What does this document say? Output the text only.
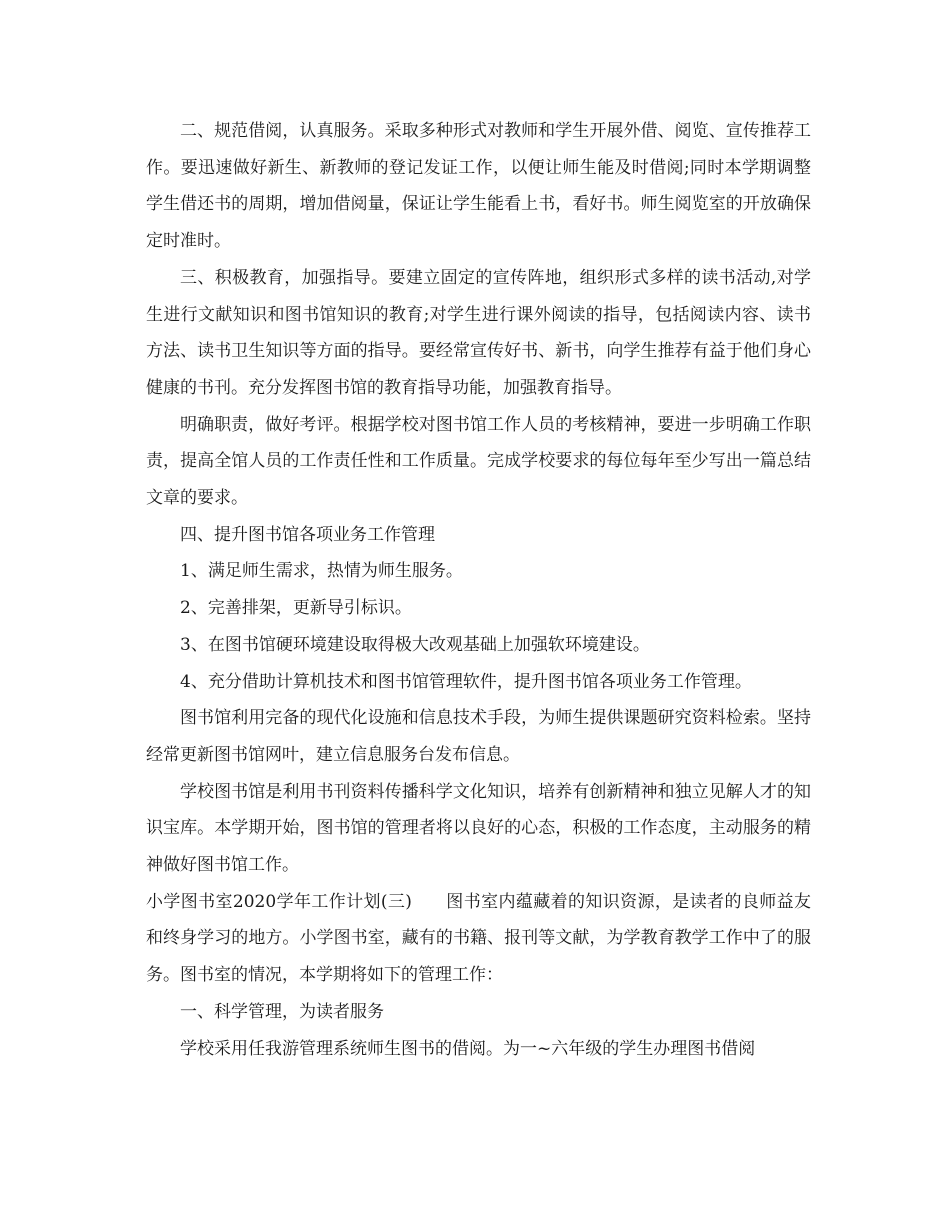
二、规范借阅，认真服务。采取多种形式对教师和学生开展外借、阅览、宣传推荐工作。要迅速做好新生、新教师的登记发证工作，以便让师生能及时借阅;同时本学期调整学生借还书的周期，增加借阅量，保证让学生能看上书，看好书。师生阅览室的开放确保定时准时。

三、积极教育，加强指导。要建立固定的宣传阵地，组织形式多样的读书活动,对学生进行文献知识和图书馆知识的教育;对学生进行课外阅读的指导，包括阅读内容、读书方法、读书卫生知识等方面的指导。要经常宣传好书、新书，向学生推荐有益于他们身心健康的书刊。充分发挥图书馆的教育指导功能，加强教育指导。

明确职责，做好考评。根据学校对图书馆工作人员的考核精神，要进一步明确工作职责，提高全馆人员的工作责任性和工作质量。完成学校要求的每位每年至少写出一篇总结文章的要求。

四、提升图书馆各项业务工作管理

1、满足师生需求，热情为师生服务。

2、完善排架，更新导引标识。

3、在图书馆硬环境建设取得极大改观基础上加强软环境建设。

4、充分借助计算机技术和图书馆管理软件，提升图书馆各项业务工作管理。

图书馆利用完备的现代化设施和信息技术手段，为师生提供课题研究资料检索。坚持经常更新图书馆网叶，建立信息服务台发布信息。

学校图书馆是利用书刊资料传播科学文化知识，培养有创新精神和独立见解人才的知识宝库。本学期开始，图书馆的管理者将以良好的心态，积极的工作态度，主动服务的精神做好图书馆工作。

小学图书室2020学年工作计划(三) 图书室内蕴藏着的知识资源，是读者的良师益友和终身学习的地方。小学图书室，藏有的书籍、报刊等文献，为学教育教学工作中了的服务。图书室的情况，本学期将如下的管理工作：

一、科学管理，为读者服务

学校采用任我游管理系统师生图书的借阅。为一~六年级的学生办理图书借阅
